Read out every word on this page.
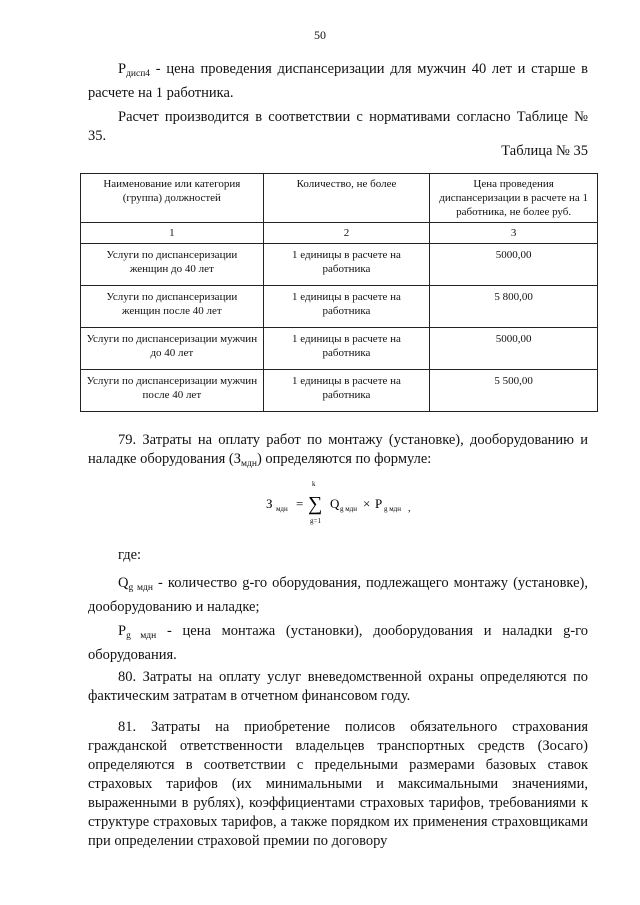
50
$P_{дисп4}$ - цена проведения диспансеризации для мужчин 40 лет и старше в расчете на 1 работника.
Расчет производится в соответствии с нормативами согласно Таблице № 35.
Таблица № 35
Наименование или категория (группа) должностей	Количество, не более	Цена проведения диспансеризации в расчете на 1 работника, не более руб.
1	2	3
Услуги по диспансеризации женщин до 40 лет	1 единицы в расчете на работника	5000,00
Услуги по диспансеризации женщин после 40 лет	1 единицы в расчете на работника	5 800,00
Услуги по диспансеризации мужчин до 40 лет	1 единицы в расчете на работника	5000,00
Услуги по диспансеризации мужчин после 40 лет	1 единицы в расчете на работника	5 500,00
79. Затраты на оплату работ по монтажу (установке), дооборудованию и наладке оборудования $(З_{мдн})$ определяются по формуле:
З мдн =
k
∑
g=1
Q g мдн × P g мдн ,
где:
$Q_{g мдн}$ - количество g-го оборудования, подлежащего монтажу (установке), дооборудованию и наладке;
$P_{g мдн}$ - цена монтажа (установки), дооборудования и наладки g-го оборудования.
80. Затраты на оплату услуг вневедомственной охраны определяются по фактическим затратам в отчетном финансовом году.
81. Затраты на приобретение полисов обязательного страхования гражданской ответственности владельцев транспортных средств (Зосаго) определяются в соответствии с предельными размерами базовых ставок страховых тарифов (их минимальными и максимальными значениями, выраженными в рублях), коэффициентами страховых тарифов, требованиями к структуре страховых тарифов, а также порядком их применения страховщиками при определении страховой премии по договору
